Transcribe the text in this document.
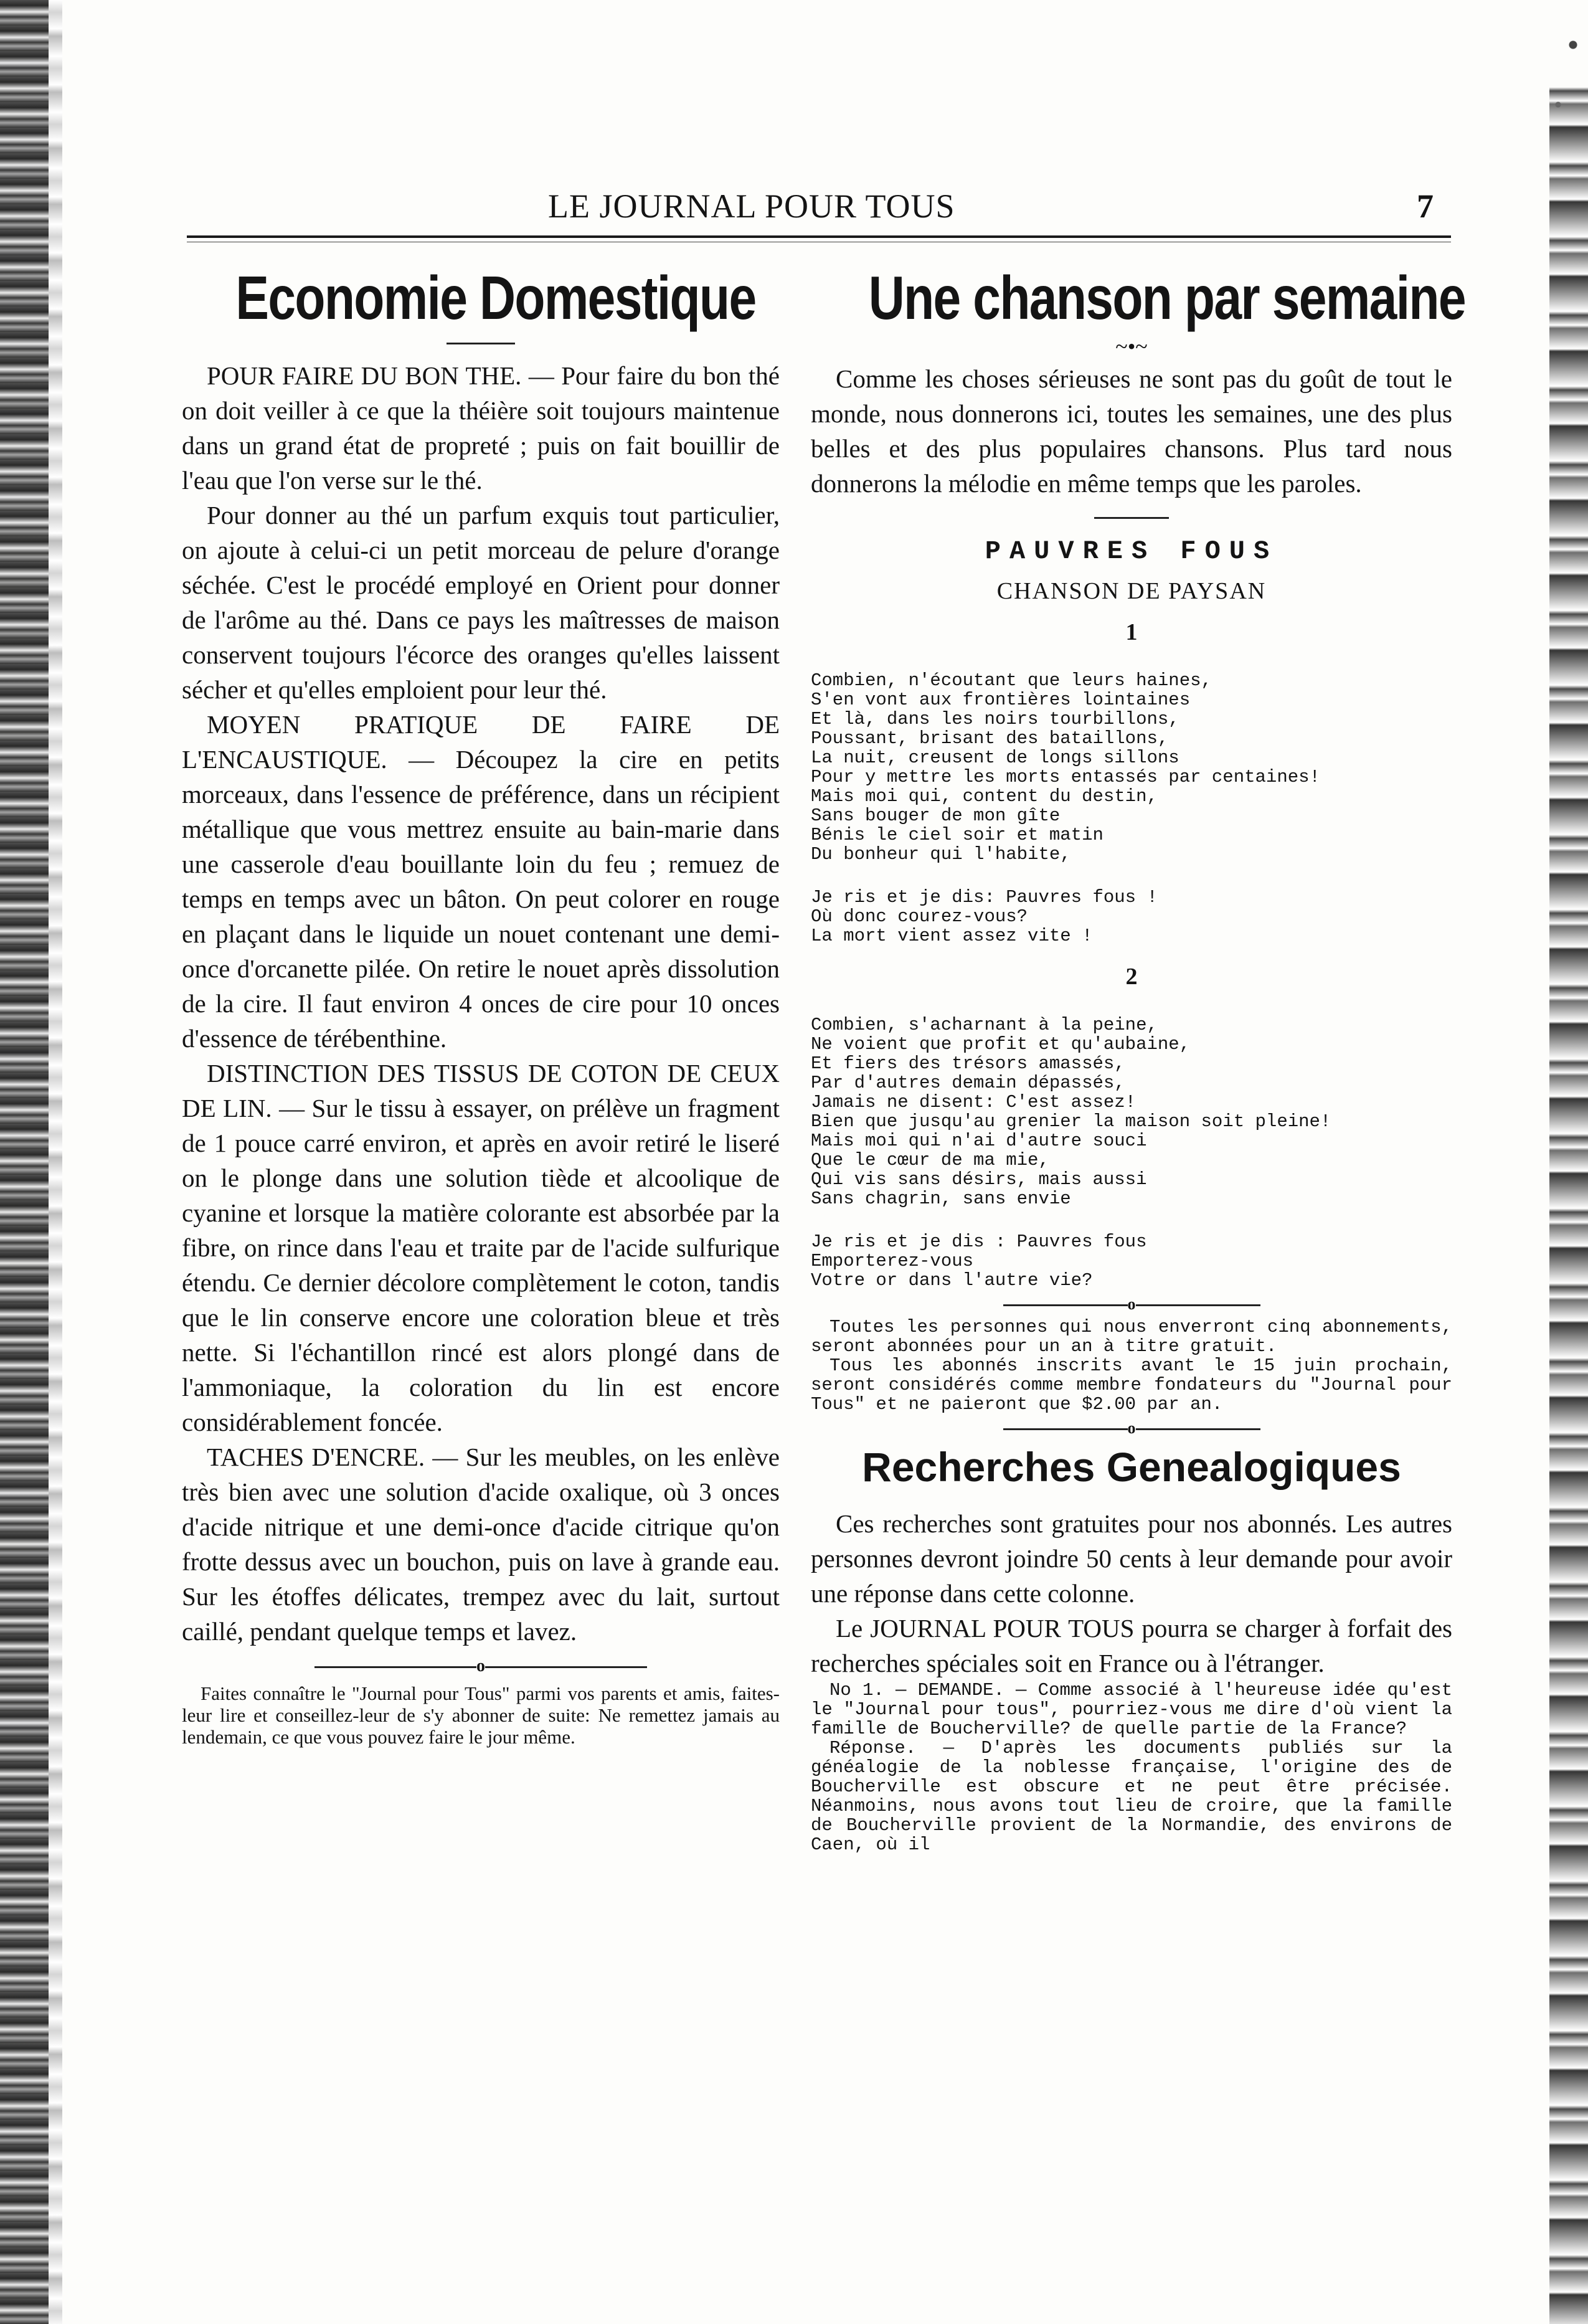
LE JOURNAL POUR TOUS	7
Economie Domestique

POUR FAIRE DU BON THE. — Pour faire du bon thé on doit veiller à ce que la théière soit toujours maintenue dans un grand état de propreté ; puis on fait bouillir de l'eau que l'on verse sur le thé.

Pour donner au thé un parfum exquis tout particulier, on ajoute à celui-ci un petit morceau de pelure d'orange séchée. C'est le procédé employé en Orient pour donner de l'arôme au thé. Dans ce pays les maîtresses de maison conservent toujours l'écorce des oranges qu'elles laissent sécher et qu'elles emploient pour leur thé.

MOYEN PRATIQUE DE FAIRE DE L'ENCAUSTIQUE. — Découpez la cire en petits morceaux, dans l'essence de préférence, dans un récipient métallique que vous mettrez ensuite au bain-marie dans une casserole d'eau bouillante loin du feu ; remuez de temps en temps avec un bâton. On peut colorer en rouge en plaçant dans le liquide un nouet contenant une demi-once d'orcanette pilée. On retire le nouet après dissolution de la cire. Il faut environ 4 onces de cire pour 10 onces d'essence de térébenthine.

DISTINCTION DES TISSUS DE COTON DE CEUX DE LIN. — Sur le tissu à essayer, on prélève un fragment de 1 pouce carré environ, et après en avoir retiré le liseré on le plonge dans une solution tiède et alcoolique de cyanine et lorsque la matière colorante est absorbée par la fibre, on rince dans l'eau et traite par de l'acide sulfurique étendu. Ce dernier décolore complètement le coton, tandis que le lin conserve encore une coloration bleue et très nette. Si l'échantillon rincé est alors plongé dans de l'ammoniaque, la coloration du lin est encore considérablement foncée.

TACHES D'ENCRE. — Sur les meubles, on les enlève très bien avec une solution d'acide oxalique, où 3 onces d'acide nitrique et une demi-once d'acide citrique qu'on frotte dessus avec un bouchon, puis on lave à grande eau. Sur les étoffes délicates, trempez avec du lait, surtout caillé, pendant quelque temps et lavez.

o

Faites connaître le "Journal pour Tous" parmi vos parents et amis, faites-leur lire et conseillez-leur de s'y abonner de suite: Ne remettez jamais au lendemain, ce que vous pouvez faire le jour même.

Une chanson par semaine
~•~

Comme les choses sérieuses ne sont pas du goût de tout le monde, nous donnerons ici, toutes les semaines, une des plus belles et des plus populaires chansons. Plus tard nous donnerons la mélodie en même temps que les paroles.

PAUVRES FOUS
CHANSON DE PAYSAN
1
Combien, n'écoutant que leurs haines,
S'en vont aux frontières lointaines
Et là, dans les noirs tourbillons,
Poussant, brisant des bataillons,
La nuit, creusent de longs sillons
Pour y mettre les morts entassés par centaines!
Mais moi qui, content du destin,
Sans bouger de mon gîte
Bénis le ciel soir et matin
Du bonheur qui l'habite,
Je ris et je dis: Pauvres fous !
Où donc courez-vous?
La mort vient assez vite !
2
Combien, s'acharnant à la peine,
Ne voient que profit et qu'aubaine,
Et fiers des trésors amassés,
Par d'autres demain dépassés,
Jamais ne disent: C'est assez!
Bien que jusqu'au grenier la maison soit pleine!
Mais moi qui n'ai d'autre souci
Que le cœur de ma mie,
Qui vis sans désirs, mais aussi
Sans chagrin, sans envie
Je ris et je dis : Pauvres fous
Emporterez-vous
Votre or dans l'autre vie?
o

Toutes les personnes qui nous enverront cinq abonnements, seront abonnées pour un an à titre gratuit.

Tous les abonnés inscrits avant le 15 juin prochain, seront considérés comme membre fondateurs du "Journal pour Tous" et ne paieront que $2.00 par an.

o
Recherches Genealogiques

Ces recherches sont gratuites pour nos abonnés. Les autres personnes devront joindre 50 cents à leur demande pour avoir une réponse dans cette colonne.

Le JOURNAL POUR TOUS pourra se charger à forfait des recherches spéciales soit en France ou à l'étranger.

No 1. — DEMANDE. — Comme associé à l'heureuse idée qu'est le "Journal pour tous", pourriez-vous me dire d'où vient la famille de Boucherville? de quelle partie de la France?

Réponse. — D'après les documents publiés sur la généalogie de la noblesse française, l'origine des de Boucherville est obscure et ne peut être précisée. Néanmoins, nous avons tout lieu de croire, que la famille de Boucherville provient de la Normandie, des environs de Caen, où il
